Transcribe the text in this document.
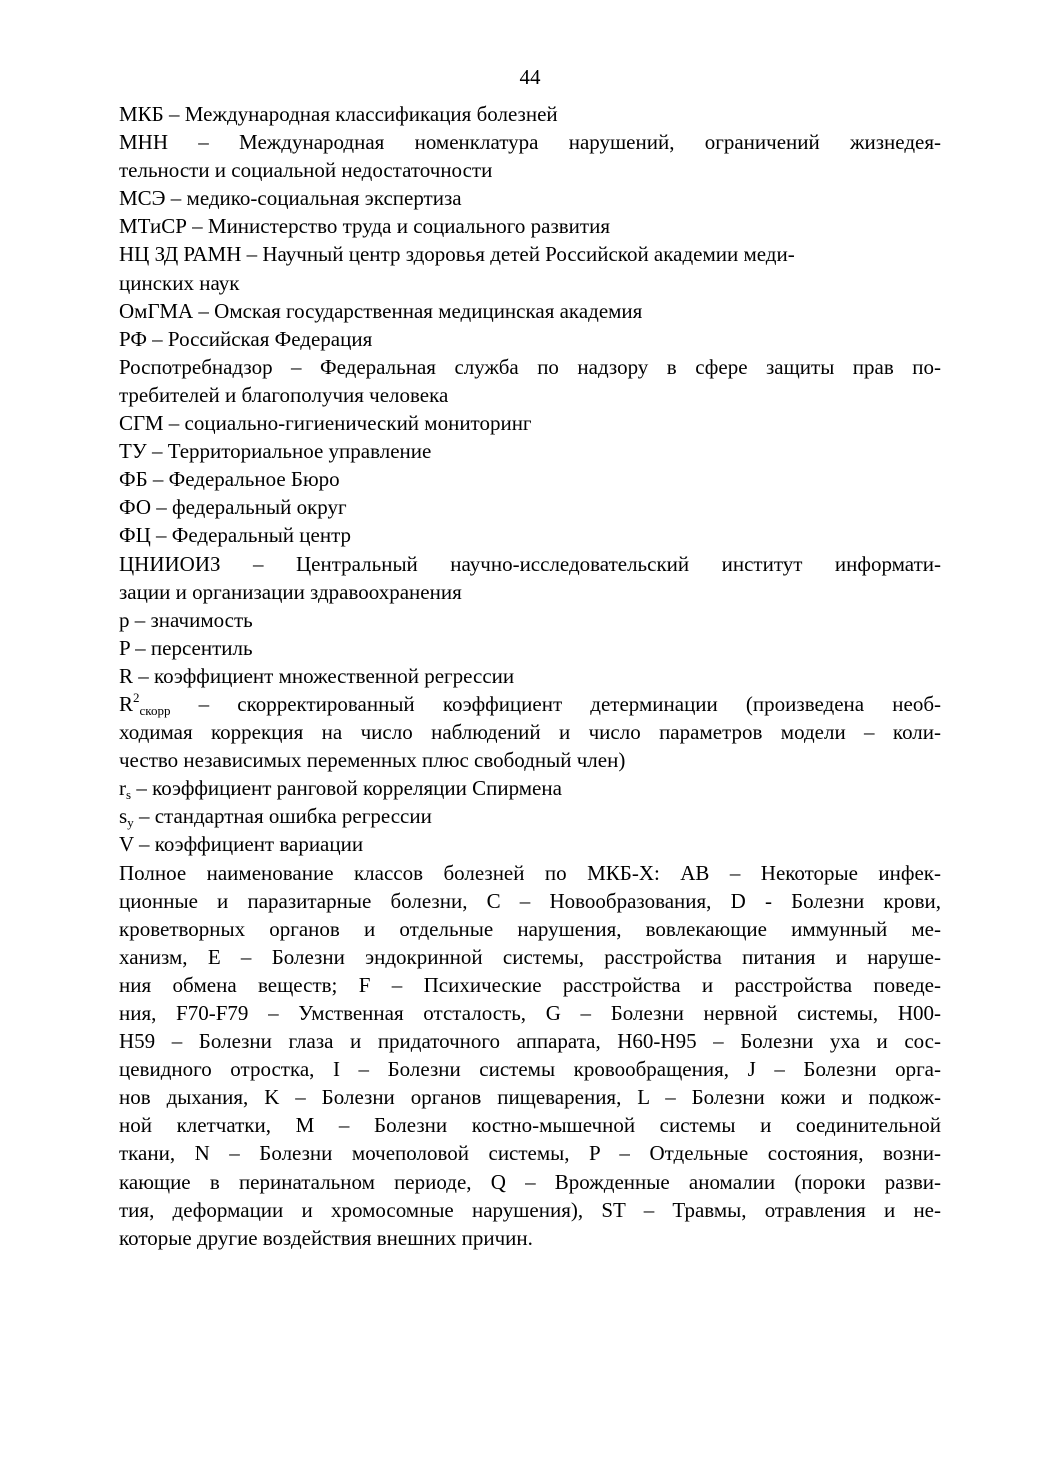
44
МКБ – Международная классификация болезней
МНН – Международная номенклатура нарушений, ограничений жизнедея-
тельности и социальной недостаточности
МСЭ – медико-социальная экспертиза
МТиСР – Министерство труда и социального развития
НЦ ЗД РАМН – Научный центр здоровья детей Российской академии меди-
цинских наук
ОмГМА – Омская государственная медицинская академия
РФ – Российская Федерация
Роспотребнадзор – Федеральная служба по надзору в сфере защиты прав по-
требителей и благополучия человека
СГМ – социально-гигиенический мониторинг
ТУ – Территориальное управление
ФБ – Федеральное Бюро
ФО – федеральный округ
ФЦ – Федеральный центр
ЦНИИОИЗ – Центральный научно-исследовательский институт информати-
зации и организации здравоохранения
p – значимость
P – персентиль
R – коэффициент множественной регрессии
$R^2скорр$ – скорректированный коэффициент детерминации (произведена необ-
ходимая коррекция на число наблюдений и число параметров модели – коли-
чество независимых переменных плюс свободный член)
rs – коэффициент ранговой корреляции Спирмена
sy – стандартная ошибка регрессии
V – коэффициент вариации
Полное наименование классов болезней по МКБ-Х: АВ – Некоторые инфек-
ционные и паразитарные болезни, С – Новообразования, D - Болезни крови,
кроветворных органов и отдельные нарушения, вовлекающие иммунный ме-
ханизм, Е – Болезни эндокринной системы, расстройства питания и наруше-
ния обмена веществ; F – Психические расстройства и расстройства поведе-
ния, F70-F79 – Умственная отсталость, G – Болезни нервной системы, H00-
H59 – Болезни глаза и придаточного аппарата, H60-H95 – Болезни уха и сос-
цевидного отростка, I – Болезни системы кровообращения, J – Болезни орга-
нов дыхания, K – Болезни органов пищеварения, L – Болезни кожи и подкож-
ной клетчатки, M – Болезни костно-мышечной системы и соединительной
ткани, N – Болезни мочеполовой системы, P – Отдельные состояния, возни-
кающие в перинатальном периоде, Q – Врожденные аномалии (пороки разви-
тия, деформации и хромосомные нарушения), ST – Травмы, отравления и не-
которые другие воздействия внешних причин.
